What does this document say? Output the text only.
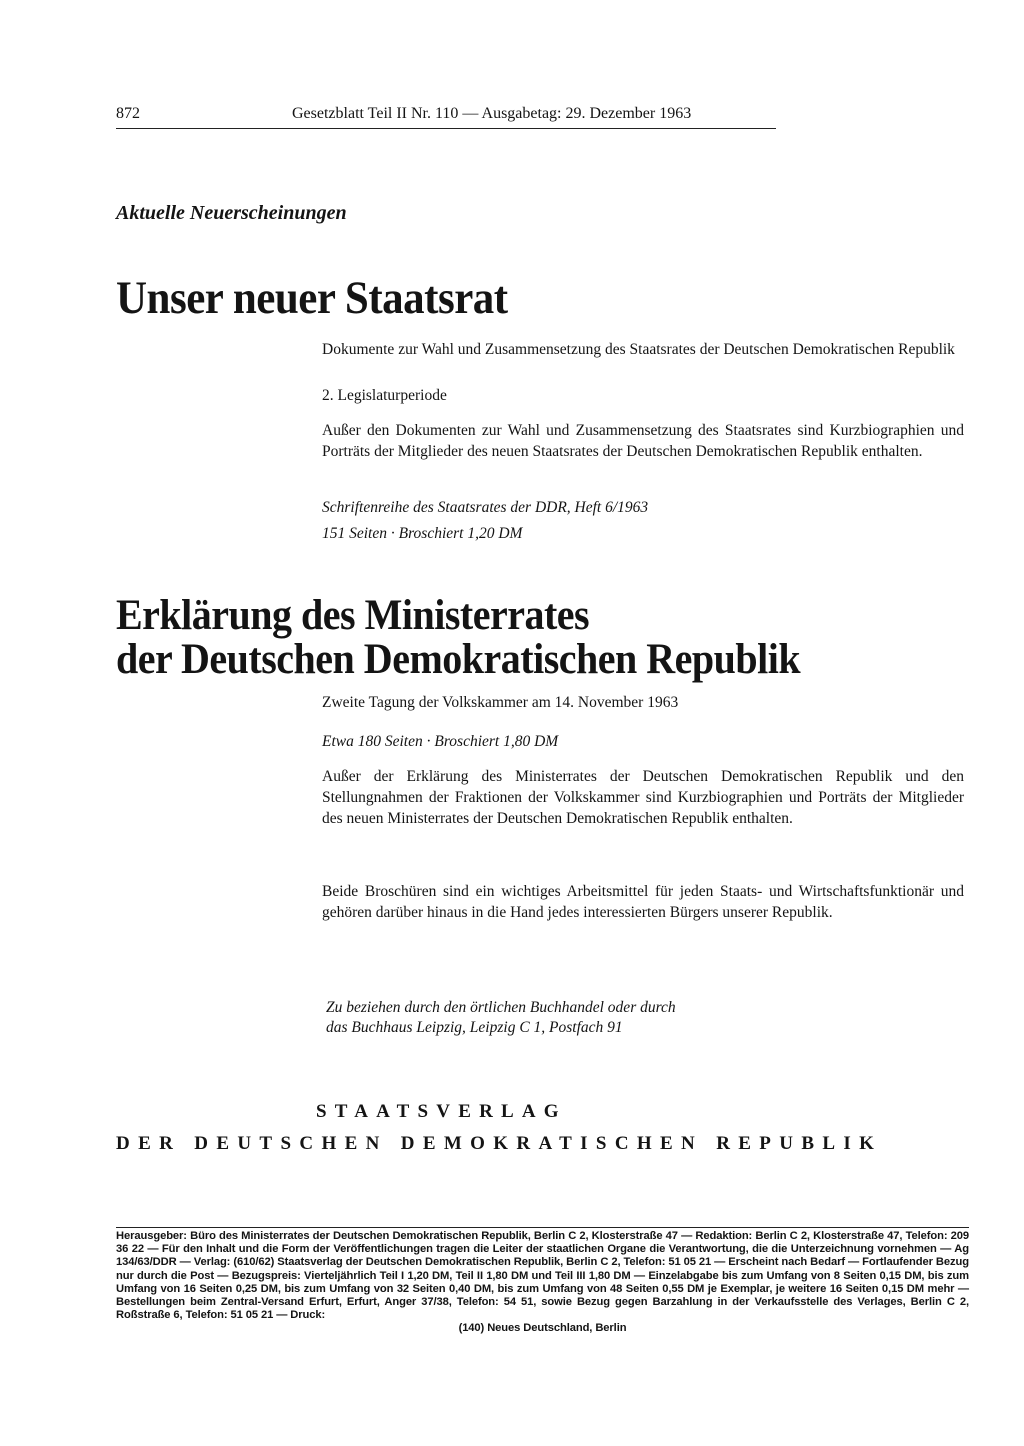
872	Gesetzblatt Teil II Nr. 110 — Ausgabetag: 29. Dezember 1963
Aktuelle Neuerscheinungen
Unser neuer Staatsrat
Dokumente zur Wahl und Zusammensetzung des Staatsrates der Deutschen Demokratischen Republik
2. Legislaturperiode
Außer den Dokumenten zur Wahl und Zusammensetzung des Staatsrates sind Kurzbiographien und Porträts der Mitglieder des neuen Staatsrates der Deutschen Demokratischen Republik enthalten.
Schriftenreihe des Staatsrates der DDR, Heft 6/1963
151 Seiten · Broschiert 1,20 DM
Erklärung des Ministerrates
der Deutschen Demokratischen Republik
Zweite Tagung der Volkskammer am 14. November 1963
Etwa 180 Seiten · Broschiert 1,80 DM
Außer der Erklärung des Ministerrates der Deutschen Demokratischen Republik und den Stellungnahmen der Fraktionen der Volkskammer sind Kurzbiographien und Porträts der Mitglieder des neuen Ministerrates der Deutschen Demokratischen Republik enthalten.
Beide Broschüren sind ein wichtiges Arbeitsmittel für jeden Staats- und Wirtschaftsfunktionär und gehören darüber hinaus in die Hand jedes interessierten Bürgers unserer Republik.
Zu beziehen durch den örtlichen Buchhandel oder durch
das Buchhaus Leipzig, Leipzig C 1, Postfach 91
STAATSVERLAG
DER DEUTSCHEN DEMOKRATISCHEN REPUBLIK
Herausgeber: Büro des Ministerrates der Deutschen Demokratischen Republik, Berlin C 2, Klosterstraße 47 — Redaktion: Berlin C 2, Klosterstraße 47, Telefon: 209 36 22 — Für den Inhalt und die Form der Veröffentlichungen tragen die Leiter der staatlichen Organe die Verantwortung, die die Unterzeichnung vornehmen — Ag 134/63/DDR — Verlag: (610/62) Staatsverlag der Deutschen Demokratischen Republik, Berlin C 2, Telefon: 51 05 21 — Erscheint nach Bedarf — Fortlaufender Bezug nur durch die Post — Bezugspreis: Vierteljährlich Teil I 1,20 DM, Teil II 1,80 DM und Teil III 1,80 DM — Einzelabgabe bis zum Umfang von 8 Seiten 0,15 DM, bis zum Umfang von 16 Seiten 0,25 DM, bis zum Umfang von 32 Seiten 0,40 DM, bis zum Umfang von 48 Seiten 0,55 DM je Exemplar, je weitere 16 Seiten 0,15 DM mehr — Bestellungen beim Zentral-Versand Erfurt, Erfurt, Anger 37/38, Telefon: 54 51, sowie Bezug gegen Barzahlung in der Verkaufsstelle des Verlages, Berlin C 2, Roßstraße 6, Telefon: 51 05 21 — Druck:
(140) Neues Deutschland, Berlin
